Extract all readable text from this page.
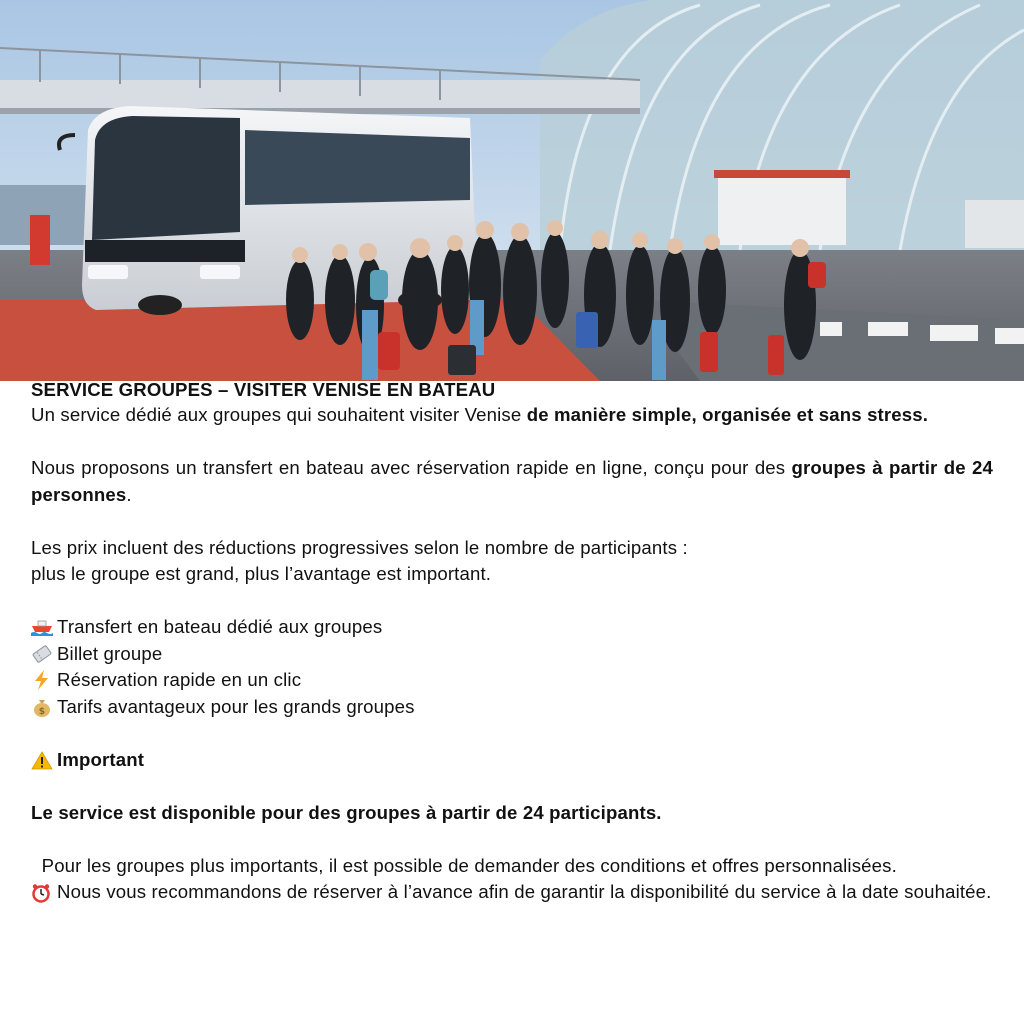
SERVICE GROUPES – VISITER VENISE EN BATEAU

Un service dédié aux groupes qui souhaitent visiter Venise de manière simple, organisée et sans stress.

Nous proposons un transfert en bateau avec réservation rapide en ligne, conçu pour des groupes à partir de 24 personnes.

Les prix incluent des réductions progressives selon le nombre de participants :

plus le groupe est grand, plus l’avantage est important.

Transfert en bateau dédié aux groupes
Billet groupe
Réservation rapide en un clic
$ Tarifs avantageux pour les grands groupes
Important

Le service est disponible pour des groupes à partir de 24 participants.

Pour les groupes plus importants, il est possible de demander des conditions et offres personnalisées.

Nous vous recommandons de réserver à l’avance afin de garantir la disponibilité du service à la date souhaitée.
